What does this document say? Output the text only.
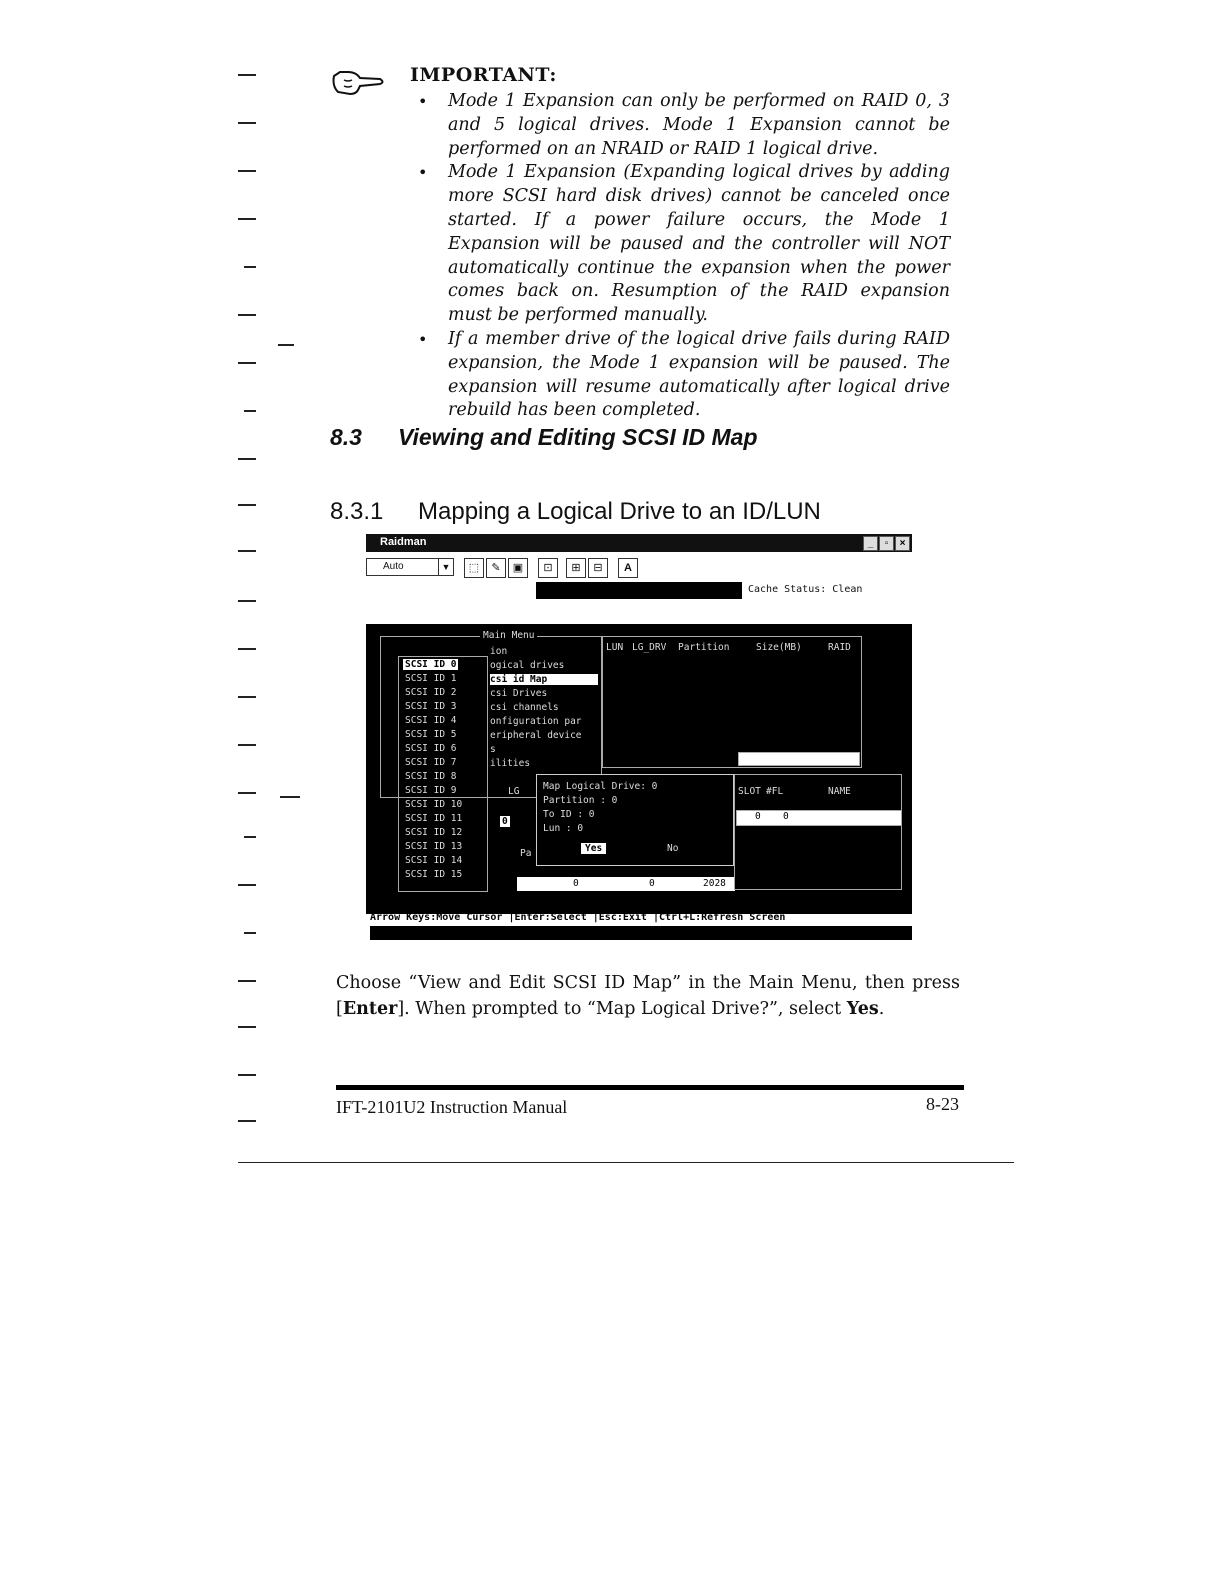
IMPORTANT:
• Mode 1 Expansion can only be performed on RAID 0, 3 and 5 logical drives. Mode 1 Expansion cannot be performed on an NRAID or RAID 1 logical drive.
• Mode 1 Expansion (Expanding logical drives by adding more SCSI hard disk drives) cannot be canceled once started. If a power failure occurs, the Mode 1 Expansion will be paused and the controller will NOT automatically continue the expansion when the power comes back on. Resumption of the RAID expansion must be performed manually.
• If a member drive of the logical drive fails during RAID expansion, the Mode 1 expansion will be paused. The expansion will resume automatically after logical drive rebuild has been completed.
8.3 Viewing and Editing SCSI ID Map
8.3.1 Mapping a Logical Drive to an ID/LUN
Raidman	_	▫	×
Auto	▼	⬚	✎	▣	⊡	⊞	⊟	A
Cache Status: Clean
Main Menu
SCSI ID 0
SCSI ID 1
SCSI ID 2
SCSI ID 3
SCSI ID 4
SCSI ID 5
SCSI ID 6
SCSI ID 7
SCSI ID 8
SCSI ID 9
SCSI ID 10
SCSI ID 11
SCSI ID 12
SCSI ID 13
SCSI ID 14
SCSI ID 15
ion
ogical drives
csi id Map
csi Drives
csi channels
onfiguration par
eripheral device
s
ilities
LUN LG_DRV Partition	Size(MB)	RAID
Map Logical Drive: 0
Partition : 0
To ID : 0
Lun : 0
Yes	No
LG
Pa
0
0	0	2028
SLOT #FL	NAME
0 0
Arrow Keys:Move Cursor |Enter:Select |Esc:Exit |Ctrl+L:Refresh Screen
Choose “View and Edit SCSI ID Map” in the Main Menu, then press [Enter]. When prompted to “Map Logical Drive?”, select Yes.
IFT-2101U2 Instruction Manual	8-23
